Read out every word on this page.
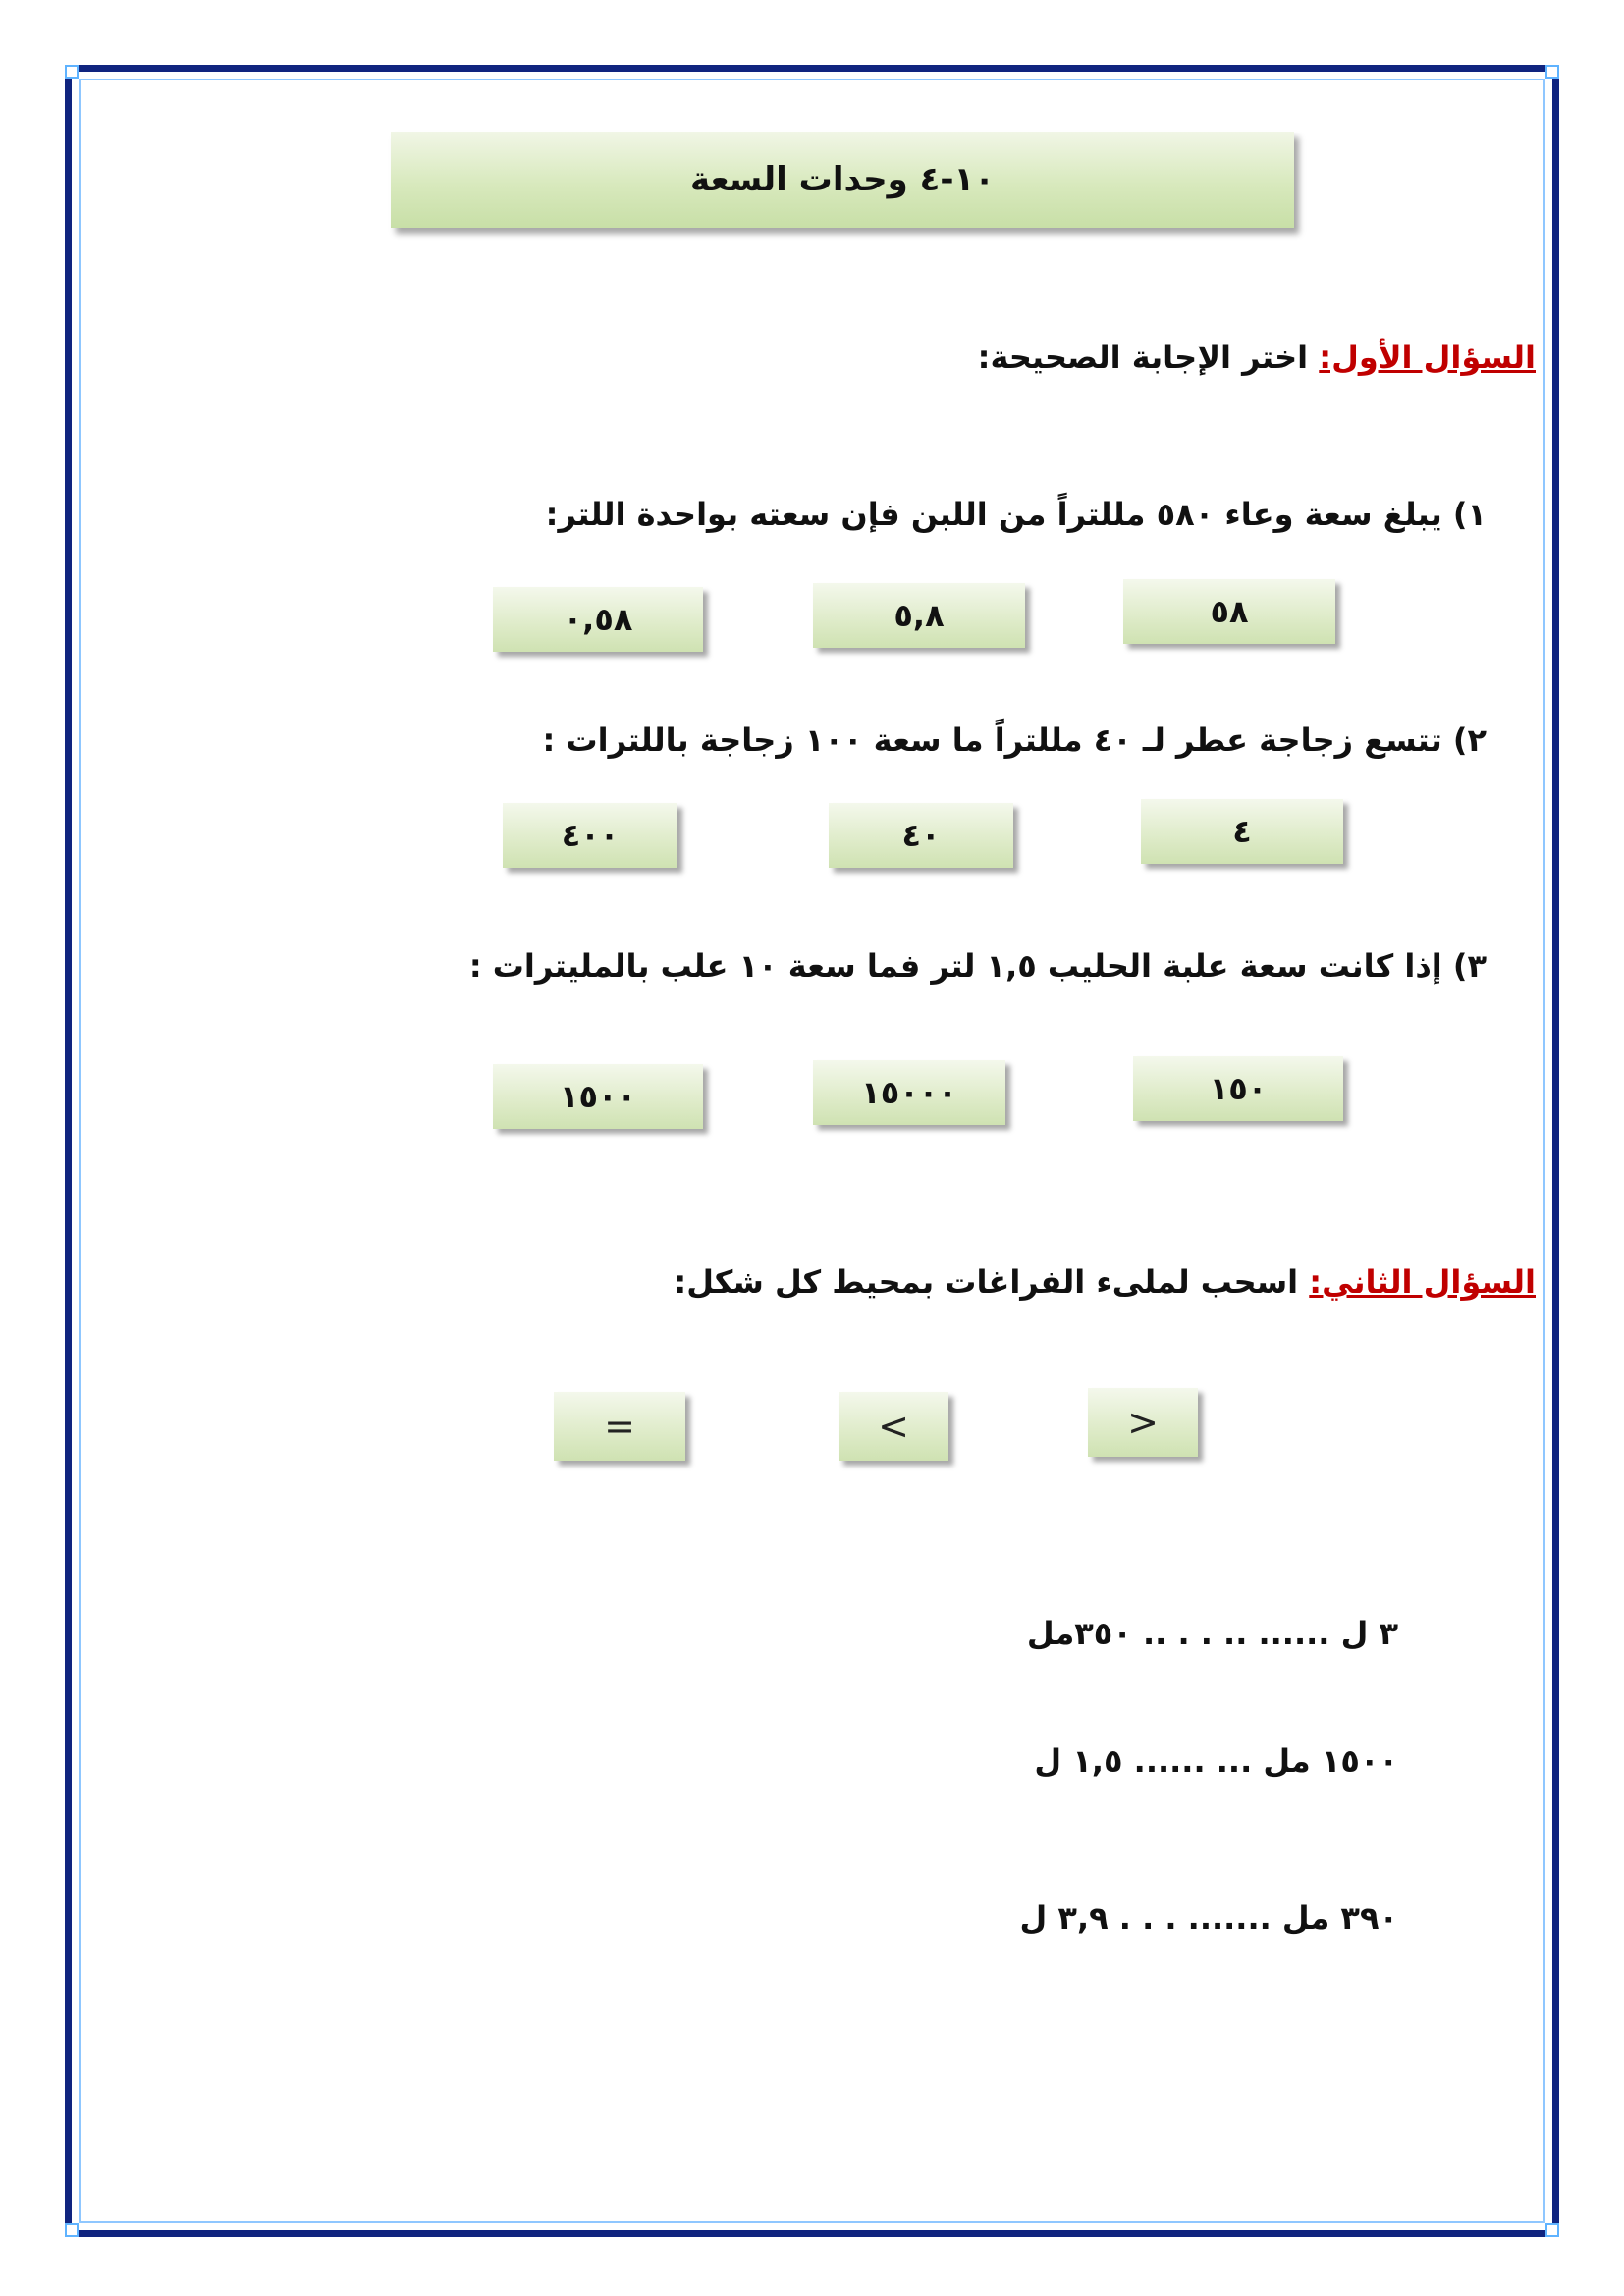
١٠-٤ وحدات السعة
السؤال الأول: اختر الإجابة الصحيحة:
١) يبلغ سعة وعاء ٥٨٠ مللتراً من اللبن فإن سعته بواحدة اللتر:
٥٨
٥,٨
٠,٥٨
٢) تتسع زجاجة عطر لـ ٤٠ مللتراً ما سعة ١٠٠ زجاجة باللترات :
٤
٤٠
٤٠٠
٣) إذا كانت سعة علبة الحليب ١,٥ لتر فما سعة ١٠ علب بالمليترات :
١٥٠
١٥٠٠٠
١٥٠٠
السؤال الثاني: اسحب لملىء الفراغات بمحيط كل شكل:
>
<
=
٣ ل ...... .. . . .. ٣٥٠مل
١٥٠٠ مل ... ...... ١,٥ ل
٣٩٠ مل ....... . . . ٣,٩ ل
